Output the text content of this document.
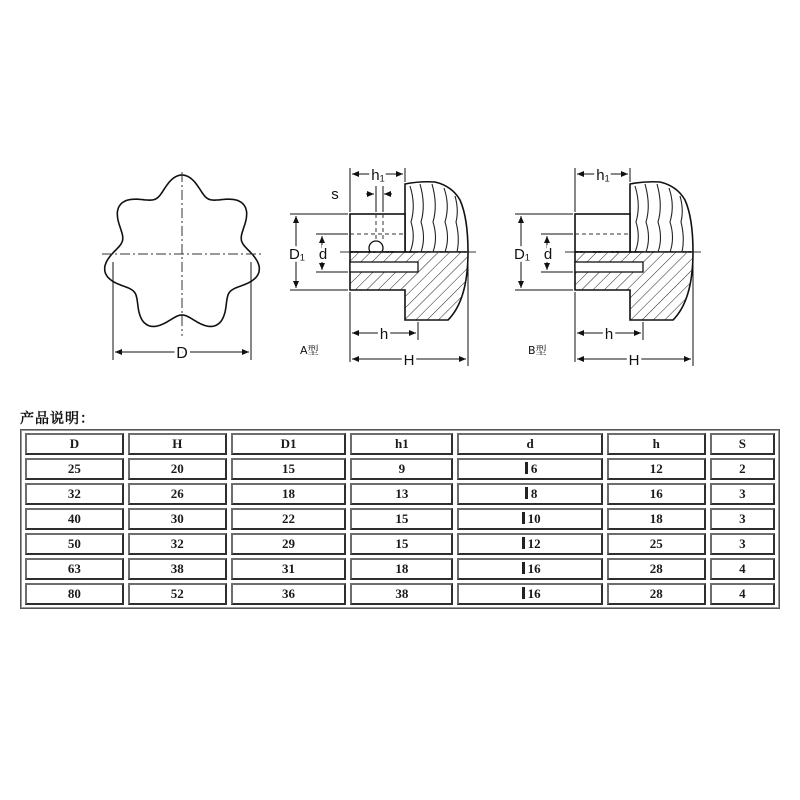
D
h₁
s
D₁ d
h
H
A型
h₁
D₁ d
h
H
B型
产品说明：
D	H	D1	h1	d	h	S
25	20	15	9	6	12	2
32	26	18	13	8	16	3
40	30	22	15	10	18	3
50	32	29	15	12	25	3
63	38	31	18	16	28	4
80	52	36	38	16	28	4
